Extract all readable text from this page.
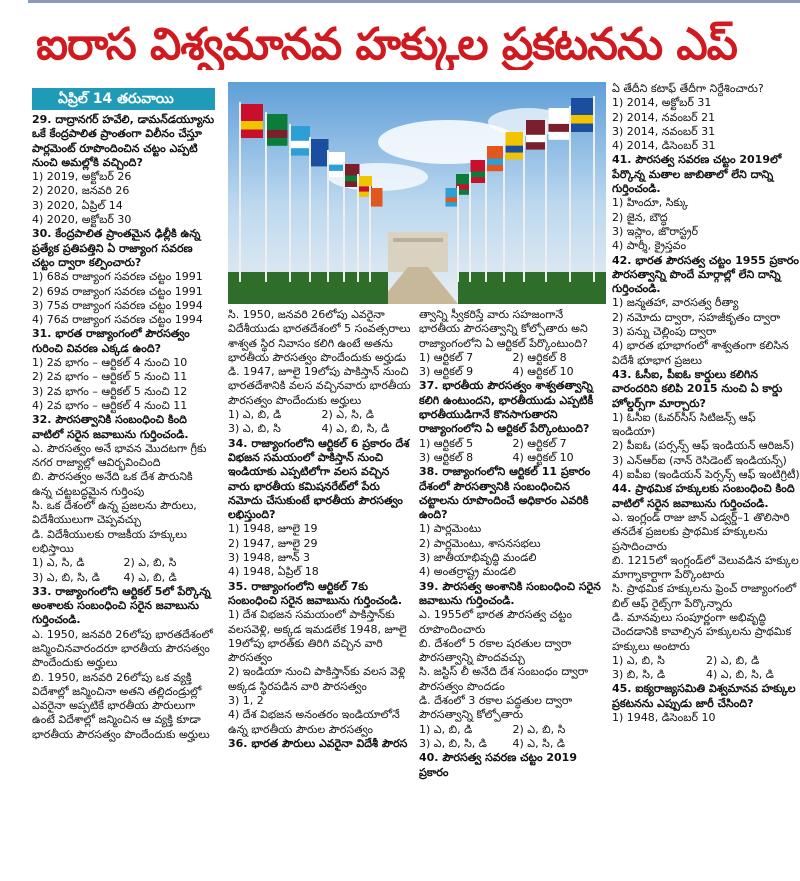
ఐరాస విశ్వమానవ హక్కుల ప్రకటనను ఎప్
ఏప్రిల్ 14 తరువాయి

29. దాద్రానగర్ హవేలి, డామన్‌డయ్యూను ఒకే కేంద్రపాలిత ప్రాంతంగా విలీనం చేస్తూ పార్లమెంట్ రూపొందించిన చట్టం ఎప్పటి నుంచి అమల్లోకి వచ్చింది?

1) 2019, అక్టోబర్ 26

2) 2020, జనవరి 26

3) 2020, ఏప్రిల్ 14

4) 2020, అక్టోబర్ 30

30. కేంద్రపాలిత ప్రాంతమైన ఢిల్లీకి ఉన్న ప్రత్యేక ప్రతిపత్తిని ఏ రాజ్యాంగ సవరణ చట్టం ద్వారా కల్పించారు?

1) 68వ రాజ్యాంగ సవరణ చట్టం 1991

2) 69వ రాజ్యాంగ సవరణ చట్టం 1991

3) 75వ రాజ్యాంగ సవరణ చట్టం 1994

4) 76వ రాజ్యాంగ సవరణ చట్టం 1994

31. భారత రాజ్యాంగంలో పౌరసత్వం గురించి వివరణ ఎక్కడ ఉంది?

1) 2వ భాగం – ఆర్టికల్ 4 నుంచి 10

2) 2వ భాగం – ఆర్టికల్ 5 నుంచి 11

3) 2వ భాగం – ఆర్టికల్ 5 నుంచి 12

4) 2వ భాగం – ఆర్టికల్ 4 నుంచి 11

32. పౌరసత్వానికి సంబంధించి కింది వాటిలో సరైన జవాబును గుర్తించండి.

ఎ. పౌరసత్వం అనే భావన మొదటగా గ్రీకు నగర రాజ్యాల్లో ఆవిర్భవించింది

బి. పౌరసత్వం అనేది ఒక దేశ పౌరునికి ఉన్న చట్టబద్ధమైన గుర్తింపు

సి. ఒక దేశంలో ఉన్న ప్రజలను పౌరులు, విదేశీయులుగా చెప్పవచ్చు

డి. విదేశీయులకు రాజకీయ హక్కులు లభిస్తాయి

1) ఎ, సి, డి	2) ఎ, బి, సి
3) ఎ, బి, సి, డి	4) ఎ, బి, డి

33. రాజ్యాంగంలోని ఆర్టికల్ 5లో పేర్కొన్న అంశాలకు సంబంధించి సరైన జవాబును గుర్తించండి.

ఎ. 1950, జనవరి 26లోపు భారతదేశంలో జన్మించినవారందరూ భారతీయ పౌరసత్వం పొందేందుకు అర్హులు

బి. 1950, జనవరి 26లోపు ఒక వ్యక్తి విదేశాల్లో జన్మించినా అతని తల్లిదండ్రుల్లో ఎవరైనా అప్పటికే భారతీయ పౌరులుగా ఉంటే విదేశాల్లో జన్మించిన ఆ వ్యక్తి కూడా భారతీయ పౌరసత్వం పొందేందుకు అర్హులు

సి. 1950, జనవరి 26లోపు ఎవరైనా విదేశీయుడు భారతదేశంలో 5 సంవత్సరాలు శాశ్వత స్థిర నివాసం కలిగి ఉంటే అతను భారతీయ పౌరసత్వం పొందేందుకు అర్హుడు

డి. 1947, జూలై 19లోపు పాకిస్తాన్ నుంచి భారతదేశానికి వలస వచ్చినవారు భారతీయ పౌరసత్వం పొందేందుకు అర్హులు

1) ఎ, బి, డి	2) ఎ, సి, డి
3) ఎ, బి, సి	4) ఎ, బి, సి, డి

34. రాజ్యాంగంలోని ఆర్టికల్ 6 ప్రకారం దేశ విభజన సమయంలో పాకిస్తాన్ నుంచి ఇండియాకు ఎప్పటిలోగా వలస వచ్చిన వారు భారతీయ కమిషనరేట్‌లో పేరు నమోదు చేసుకుంటే భారతీయ పౌరసత్వం లభిస్తుంది?

1) 1948, జూలై 19

2) 1947, జూలై 29

3) 1948, జూన్ 3

4) 1948, ఏప్రిల్ 18

35. రాజ్యాంగంలోని ఆర్టికల్ 7కు సంబంధించి సరైన జవాబును గుర్తించండి.

1) దేశ విభజన సమయంలో పాకిస్తాన్‌కు వలసవెళ్లి, అక్కడ ఇమడలేక 1948, జూలై 19లోపు భారత్‌కు తిరిగి వచ్చిన వారి పౌరసత్వం

2) ఇండియా నుంచి పాకిస్తాన్‌కు వలస వెళ్లి అక్కడ స్థిరపడిన వారి పౌరసత్వం

3) 1, 2

4) దేశ విభజన అనంతరం ఇండియాలోనే ఉన్న భారతీయ పౌరుల పౌరసత్వం

36. భారత పౌరులు ఎవరైనా విదేశీ పౌరస

త్వాన్ని స్వీకరిస్తే వారు సహజంగానే భారతీయ పౌరసత్వాన్ని కోల్పోతారు అని రాజ్యాంగంలోని ఏ ఆర్టికల్ పేర్కొంటుంది?

1) ఆర్టికల్ 7	2) ఆర్టికల్ 8
3) ఆర్టికల్ 9	4) ఆర్టికల్ 10

37. భారతీయ పౌరసత్వం శాశ్వతత్వాన్ని కలిగి ఉంటుందని, భారతీయుడు ఎప్పటికీ భారతీయుడిగానే కొనసాగుతారని రాజ్యాంగంలోని ఏ ఆర్టికల్ పేర్కొంటుంది?

1) ఆర్టికల్ 5	2) ఆర్టికల్ 7
3) ఆర్టికల్ 8	4) ఆర్టికల్ 10

38. రాజ్యాంగంలోని ఆర్టికల్ 11 ప్రకారం దేశంలో పౌరసత్వానికి సంబంధించిన చట్టాలను రూపొందించే అధికారం ఎవరికి ఉంది?

1) పార్లమెంటు

2) పార్లమెంటు, శాసనసభలు

3) జాతీయాభివృద్ధి మండలి

4) అంతర్రాష్ట్ర మండలి

39. పౌరసత్వ అంశానికి సంబంధించి సరైన జవాబును గుర్తించండి.

ఎ. 1955లో భారత పౌరసత్వ చట్టం రూపొందించారు

బి. దేశంలో 5 రకాల షరతుల ద్వారా పౌరసత్వాన్ని పొందవచ్చు

సి. జస్టిస్ లీ అనేది దేశ సంబంధం ద్వారా పౌరసత్వం పొందడం

డి. దేశంలో 3 రకాల పద్ధతుల ద్వారా పౌరసత్వాన్ని కోల్పోతారు

1) ఎ, బి, డి	2) ఎ, బి, సి
3) ఎ, బి, సి, డి	4) ఎ, సి, డి

40. పౌరసత్వ సవరణ చట్టం 2019 ప్రకారం

ఏ తేదీని కటాఫ్ తేదీగా నిర్దేశించారు?

1) 2014, అక్టోబర్ 31

2) 2014, నవంబర్ 21

3) 2014, నవంబర్ 31

4) 2014, డిసెంబర్ 31

41. పౌరసత్వ సవరణ చట్టం 2019లో పేర్కొన్న మతాల జాబితాలో లేని దాన్ని గుర్తించండి.

1) హిందూ, సిక్కు

2) జైన, బౌద్ధ

3) ఇస్లాం, జొరాస్ట్రర్

4) పార్శీ, క్రైస్తవం

42. భారత పౌరసత్వ చట్టం 1955 ప్రకారం పౌరసత్వాన్ని పొందే మార్గాల్లో లేని దాన్ని గుర్తించండి.

1) జన్మతహా, వారసత్వ రీత్యా

2) నమోదు ద్వారా, సహజీకృతం ద్వారా

3) పన్ను చెల్లింపు ద్వారా

4) భారత భూభాగంలో శాశ్వతంగా కలిసిన విదేశీ భూభాగ ప్రజలు

43. ఓసీఐ, పీఐఓ కార్డులు కలిగిన వారందరిని కలిపి 2015 నుంచి ఏ కార్డు హోల్డర్స్‌గా మార్చారు?

1) ఓసీఐ (ఓవర్‌సీస్ సిటిజన్స్ ఆఫ్ ఇండియా)

2) పీఐఓ (పర్సన్స్ ఆఫ్ ఇండియన్ ఆరిజన్)

3) ఎన్ఆర్ఐ (నాన్ రెసిడెంట్ ఇండియన్స్)

4) ఐపీఐ (ఇండియన్ పెర్సన్స్ ఆఫ్ ఇంటిగ్రిటీ)

44. ప్రాథమిక హక్కులకు సంబంధించి కింది వాటిలో సరైన జవాబును గుర్తించండి.

ఎ. ఇంగ్లండ్ రాజు జాన్ ఎడ్వర్డ్–1 తొలిసారి తనదేశ ప్రజలకు ప్రాథమిక హక్కులను ప్రసాదించారు

బి. 1215లో ఇంగ్లండ్‌లో వెలువడిన హక్కుల మాగ్నాకార్టాగా పేర్కొంటారు

సి. ప్రాథమిక హక్కులను ఫ్రెంచ్ రాజ్యాంగంలో బిల్ ఆఫ్ రైట్స్‌గా పేర్కొన్నారు

డి. మానవులు సంపూర్ణంగా అభివృద్ధి చెందడానికి కావాల్సిన హక్కులను ప్రాథమిక హక్కులు అంటారు

1) ఎ, బి, సి	2) ఎ, బి, డి
3) బి, సి, డి	4) ఎ, బి, సి, డి

45. ఐక్యరాజ్యసమితి విశ్వమానవ హక్కుల ప్రకటనను ఎప్పుడు జారీ చేసింది?

1) 1948, డిసెంబర్ 10
